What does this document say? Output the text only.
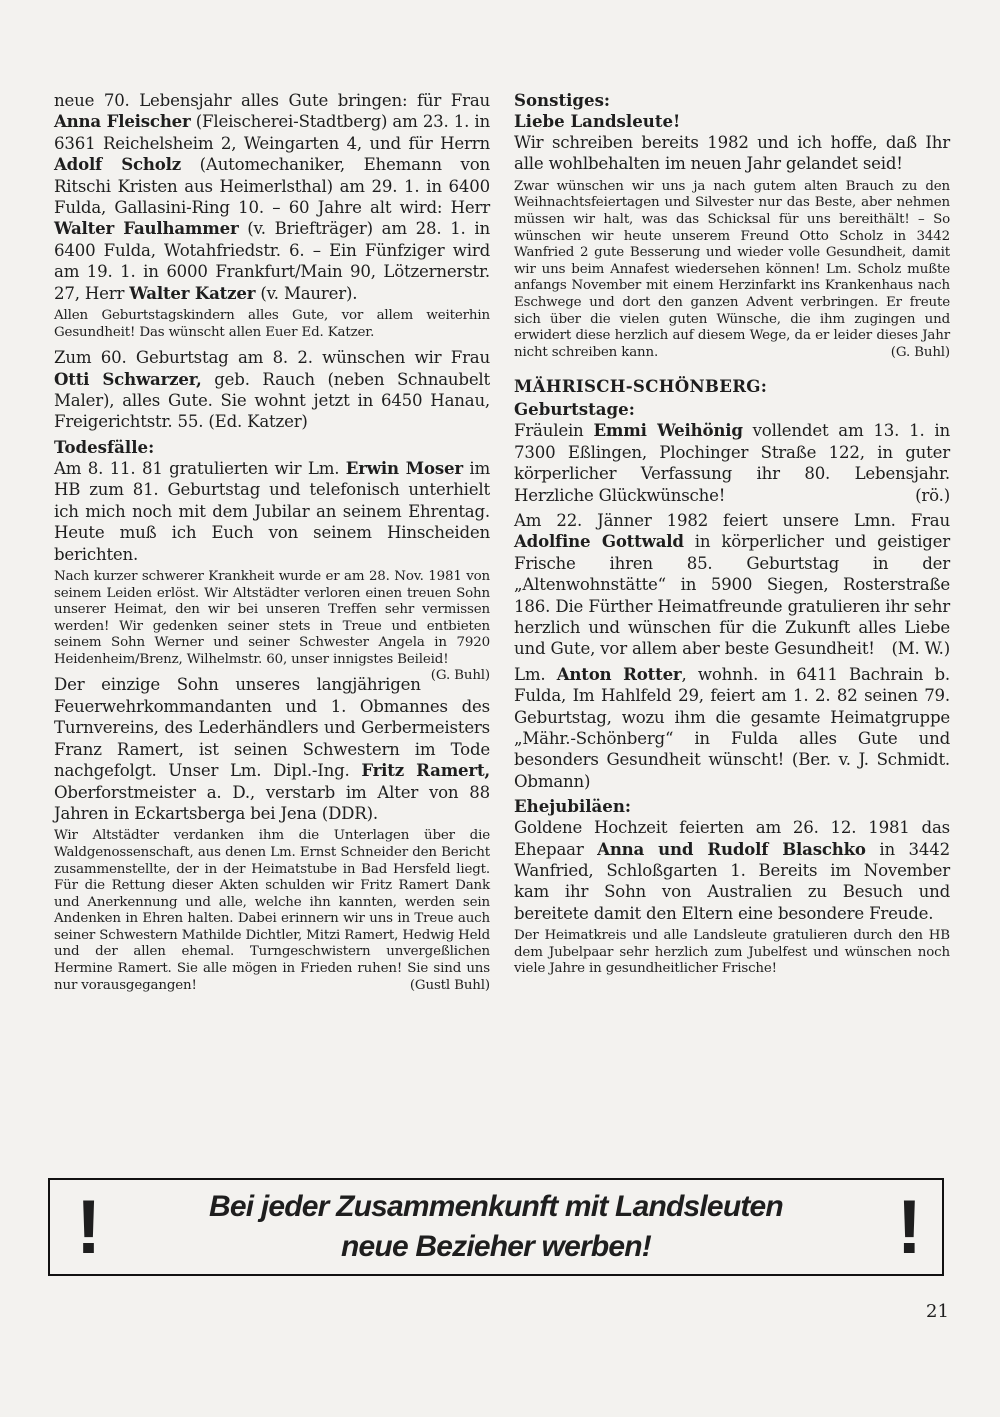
neue 70. Lebensjahr alles Gute bringen: für Frau Anna Fleischer (Fleischerei-Stadtberg) am 23. 1. in 6361 Reichelsheim 2, Weingarten 4, und für Herrn Adolf Scholz (Automechaniker, Ehemann von Ritschi Kristen aus Heimerlsthal) am 29. 1. in 6400 Fulda, Gallasini-Ring 10. – 60 Jahre alt wird: Herr Walter Faulhammer (v. Briefträger) am 28. 1. in 6400 Fulda, Wotahfriedstr. 6. – Ein Fünfziger wird am 19. 1. in 6000 Frankfurt/Main 90, Lötzernerstr. 27, Herr Walter Katzer (v. Maurer).

Allen Geburtstagskindern alles Gute, vor allem weiterhin Gesundheit! Das wünscht allen Euer Ed. Katzer.

Zum 60. Geburtstag am 8. 2. wünschen wir Frau Otti Schwarzer, geb. Rauch (neben Schnaubelt Maler), alles Gute. Sie wohnt jetzt in 6450 Hanau, Freigerichtstr. 55. (Ed. Katzer)

Todesfälle:

Am 8. 11. 81 gratulierten wir Lm. Erwin Moser im HB zum 81. Geburtstag und telefonisch unterhielt ich mich noch mit dem Jubilar an seinem Ehrentag. Heute muß ich Euch von seinem Hinscheiden berichten.

Nach kurzer schwerer Krankheit wurde er am 28. Nov. 1981 von seinem Leiden erlöst. Wir Altstädter verloren einen treuen Sohn unserer Heimat, den wir bei unseren Treffen sehr vermissen werden! Wir gedenken seiner stets in Treue und entbieten seinem Sohn Werner und seiner Schwester Angela in 7920 Heidenheim/Brenz, Wilhelmstr. 60, unser innigstes Beileid!
(G. Buhl)

Der einzige Sohn unseres langjährigen Feuerwehrkommandanten und 1. Obmannes des Turnvereins, des Lederhändlers und Gerbermeisters Franz Ramert, ist seinen Schwestern im Tode nachgefolgt. Unser Lm. Dipl.-Ing. Fritz Ramert, Oberforstmeister a. D., verstarb im Alter von 88 Jahren in Eckartsberga bei Jena (DDR).

Wir Altstädter verdanken ihm die Unterlagen über die Waldgenossenschaft, aus denen Lm. Ernst Schneider den Bericht zusammenstellte, der in der Heimatstube in Bad Hersfeld liegt. Für die Rettung dieser Akten schulden wir Fritz Ramert Dank und Anerkennung und alle, welche ihn kannten, werden sein Andenken in Ehren halten. Dabei erinnern wir uns in Treue auch seiner Schwestern Mathilde Dichtler, Mitzi Ramert, Hedwig Held und der allen ehemal. Turngeschwistern unvergeßlichen Hermine Ramert. Sie alle mögen in Frieden ruhen! Sie sind uns nur vorausgegangen!	(Gustl Buhl)

Sonstiges:

Liebe Landsleute!

Wir schreiben bereits 1982 und ich hoffe, daß Ihr alle wohlbehalten im neuen Jahr gelandet seid!

Zwar wünschen wir uns ja nach gutem alten Brauch zu den Weihnachtsfeiertagen und Silvester nur das Beste, aber nehmen müssen wir halt, was das Schicksal für uns bereithält! – So wünschen wir heute unserem Freund Otto Scholz in 3442 Wanfried 2 gute Besserung und wieder volle Gesundheit, damit wir uns beim Annafest wiedersehen können! Lm. Scholz mußte anfangs November mit einem Herzinfarkt ins Krankenhaus nach Eschwege und dort den ganzen Advent verbringen. Er freute sich über die vielen guten Wünsche, die ihm zugingen und erwidert diese herzlich auf diesem Wege, da er leider dieses Jahr nicht schreiben kann.	(G. Buhl)

MÄHRISCH-SCHÖNBERG:

Geburtstage:

Fräulein Emmi Weihönig vollendet am 13. 1. in 7300 Eßlingen, Plochinger Straße 122, in guter körperlicher Verfassung ihr 80. Lebensjahr. Herzliche Glückwünsche!	(rö.)

Am 22. Jänner 1982 feiert unsere Lmn. Frau Adolfine Gottwald in körperlicher und geistiger Frische ihren 85. Geburtstag in der „Altenwohnstätte“ in 5900 Siegen, Rosterstraße 186. Die Fürther Heimatfreunde gratulieren ihr sehr herzlich und wünschen für die Zukunft alles Liebe und Gute, vor allem aber beste Gesundheit! (M. W.)

Lm. Anton Rotter, wohnh. in 6411 Bachrain b. Fulda, Im Hahlfeld 29, feiert am 1. 2. 82 seinen 79. Geburtstag, wozu ihm die gesamte Heimatgruppe „Mähr.-Schönberg“ in Fulda alles Gute und besonders Gesundheit wünscht! (Ber. v. J. Schmidt. Obmann)

Ehejubiläen:

Goldene Hochzeit feierten am 26. 12. 1981 das Ehepaar Anna und Rudolf Blaschko in 3442 Wanfried, Schloßgarten 1. Bereits im November kam ihr Sohn von Australien zu Besuch und bereitete damit den Eltern eine besondere Freude.

Der Heimatkreis und alle Landsleute gratulieren durch den HB dem Jubelpaar sehr herzlich zum Jubelfest und wünschen noch viele Jahre in gesundheitlicher Frische!

!	Bei jeder Zusammenkunft mit Landsleuten
neue Bezieher werben!	!
21
